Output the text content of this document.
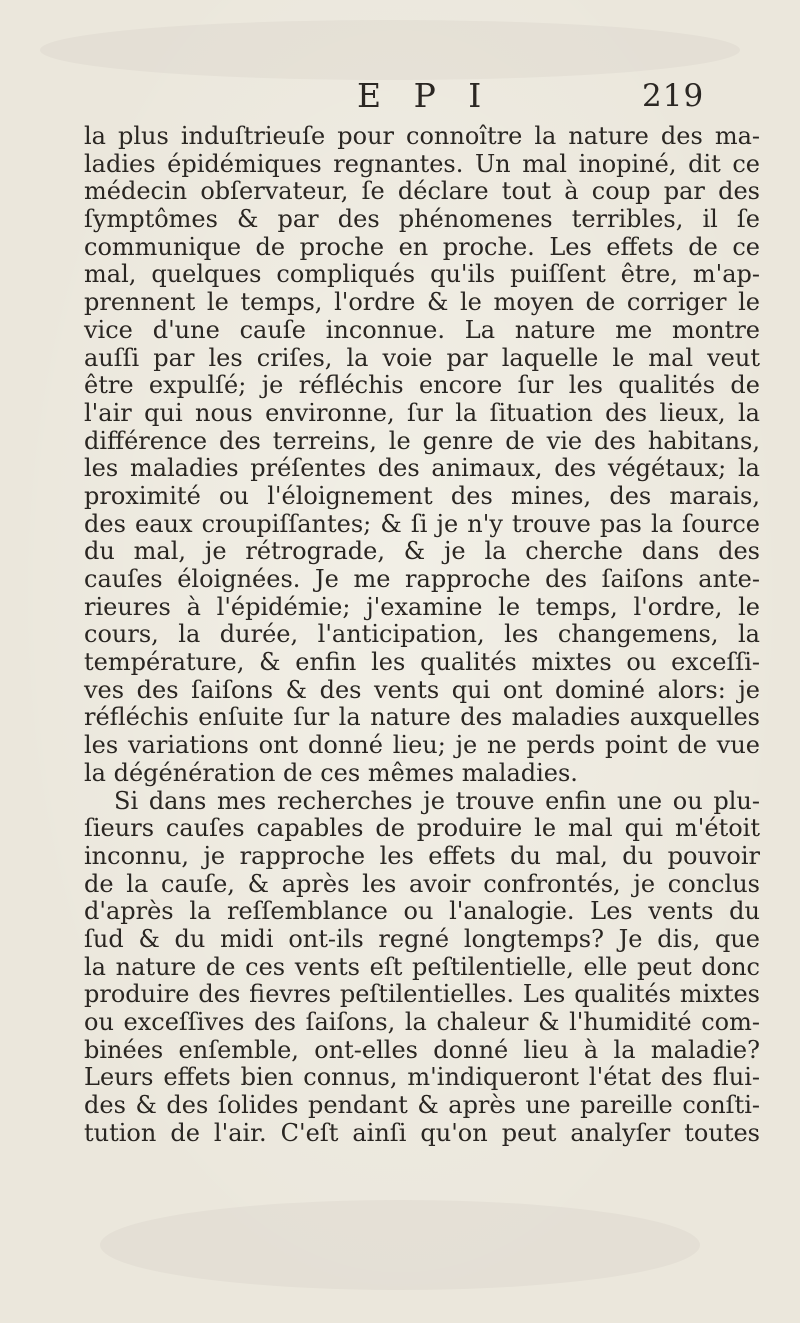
E P I	219
la plus induſtrieuſe pour connoître la nature des ma-
ladies épidémiques regnantes. Un mal inopiné, dit ce
médecin obſervateur, ſe déclare tout à coup par des
ſymptômes & par des phénomenes terribles, il ſe
communique de proche en proche. Les effets de ce
mal, quelques compliqués qu'ils puiſſent être, m'ap-
prennent le temps, l'ordre & le moyen de corriger le
vice d'une cauſe inconnue. La nature me montre
auſſi par les criſes, la voie par laquelle le mal veut
être expulſé; je réfléchis encore ſur les qualités de
l'air qui nous environne, ſur la ſituation des lieux, la
différence des terreins, le genre de vie des habitans,
les maladies préſentes des animaux, des végétaux; la
proximité ou l'éloignement des mines, des marais,
des eaux croupiſſantes; & ſi je n'y trouve pas la ſource
du mal, je rétrograde, & je la cherche dans des
cauſes éloignées. Je me rapproche des ſaiſons ante-
rieures à l'épidémie; j'examine le temps, l'ordre, le
cours, la durée, l'anticipation, les changemens, la
température, & enfin les qualités mixtes ou exceſſi-
ves des ſaiſons & des vents qui ont dominé alors: je
réfléchis enſuite ſur la nature des maladies auxquelles
les variations ont donné lieu; je ne perds point de vue
la dégénération de ces mêmes maladies.
Si dans mes recherches je trouve enfin une ou plu-
ſieurs cauſes capables de produire le mal qui m'étoit
inconnu, je rapproche les effets du mal, du pouvoir
de la cauſe, & après les avoir confrontés, je conclus
d'après la reſſemblance ou l'analogie. Les vents du
ſud & du midi ont-ils regné longtemps? Je dis, que
la nature de ces vents eſt peſtilentielle, elle peut donc
produire des fievres peſtilentielles. Les qualités mixtes
ou exceſſives des ſaiſons, la chaleur & l'humidité com-
binées enſemble, ont-elles donné lieu à la maladie?
Leurs effets bien connus, m'indiqueront l'état des flui-
des & des ſolides pendant & après une pareille conſti-
tution de l'air. C'eſt ainſi qu'on peut analyſer toutes
